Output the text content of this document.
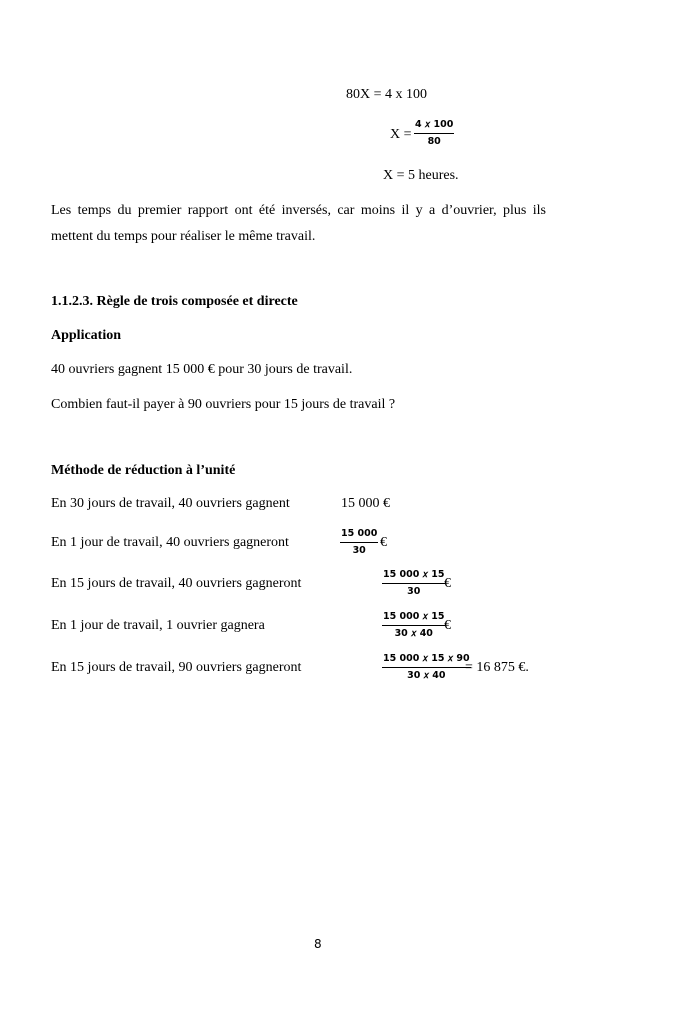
80X = 4 x 100
X =
4 𝑥 100
80
X = 5 heures.
Les temps du premier rapport ont été inversés, car moins il y a d’ouvrier, plus ils mettent du temps pour réaliser le même travail.
1.1.2.3. Règle de trois composée et directe
Application
40 ouvriers gagnent 15 000 € pour 30 jours de travail.
Combien faut-il payer à 90 ouvriers pour 15 jours de travail ?
Méthode de réduction à l’unité
En 30 jours de travail, 40 ouvriers gagnent	15 000 €
En 1 jour de travail, 40 ouvriers gagneront	$\frac{15 000}{30}$ €
En 15 jours de travail, 40 ouvriers gagneront
15 000 𝑥 15
30 €
En 1 jour de travail, 1 ouvrier gagnera
15 000 𝑥 15
30 𝑥 40 €
En 15 jours de travail, 90 ouvriers gagneront
15 000 𝑥 15 𝑥 90
30 𝑥 40 = 16 875 €.
8
